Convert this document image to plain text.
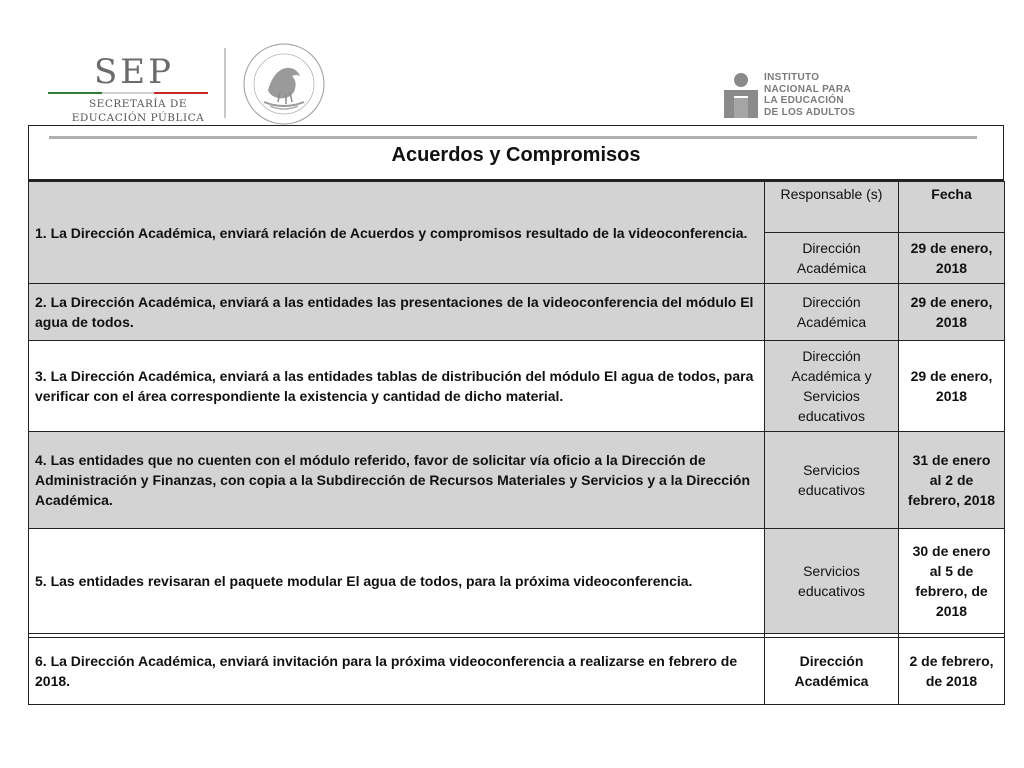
SEP
SECRETARÍA DE
EDUCACIÓN PÚBLICA
INSTITUTO
NACIONAL PARA
LA EDUCACIÓN
DE LOS ADULTOS
Acuerdos y Compromisos
1. La Dirección Académica, enviará relación de Acuerdos y compromisos resultado de la videoconferencia.	Responsable (s)	Fecha
	Dirección Académica	29 de enero, 2018
2. La Dirección Académica, enviará a las entidades las presentaciones de la videoconferencia del módulo El agua de todos.	Dirección Académica	29 de enero, 2018
3. La Dirección Académica, enviará a las entidades tablas de distribución del módulo El agua de todos, para verificar con el área correspondiente la existencia y cantidad de dicho material.	Dirección Académica y Servicios educativos	29 de enero, 2018
4. Las entidades que no cuenten con el módulo referido, favor de solicitar vía oficio a la Dirección de Administración y Finanzas, con copia a la Subdirección de Recursos Materiales y Servicios y a la Dirección Académica.	Servicios educativos	31 de enero al 2 de febrero, 2018
5. Las entidades revisaran el paquete modular El agua de todos, para la próxima videoconferencia.	Servicios educativos	30 de enero al 5 de febrero, de 2018

6. La Dirección Académica, enviará invitación para la próxima videoconferencia a realizarse en febrero de 2018.	Dirección Académica	2 de febrero, de 2018
